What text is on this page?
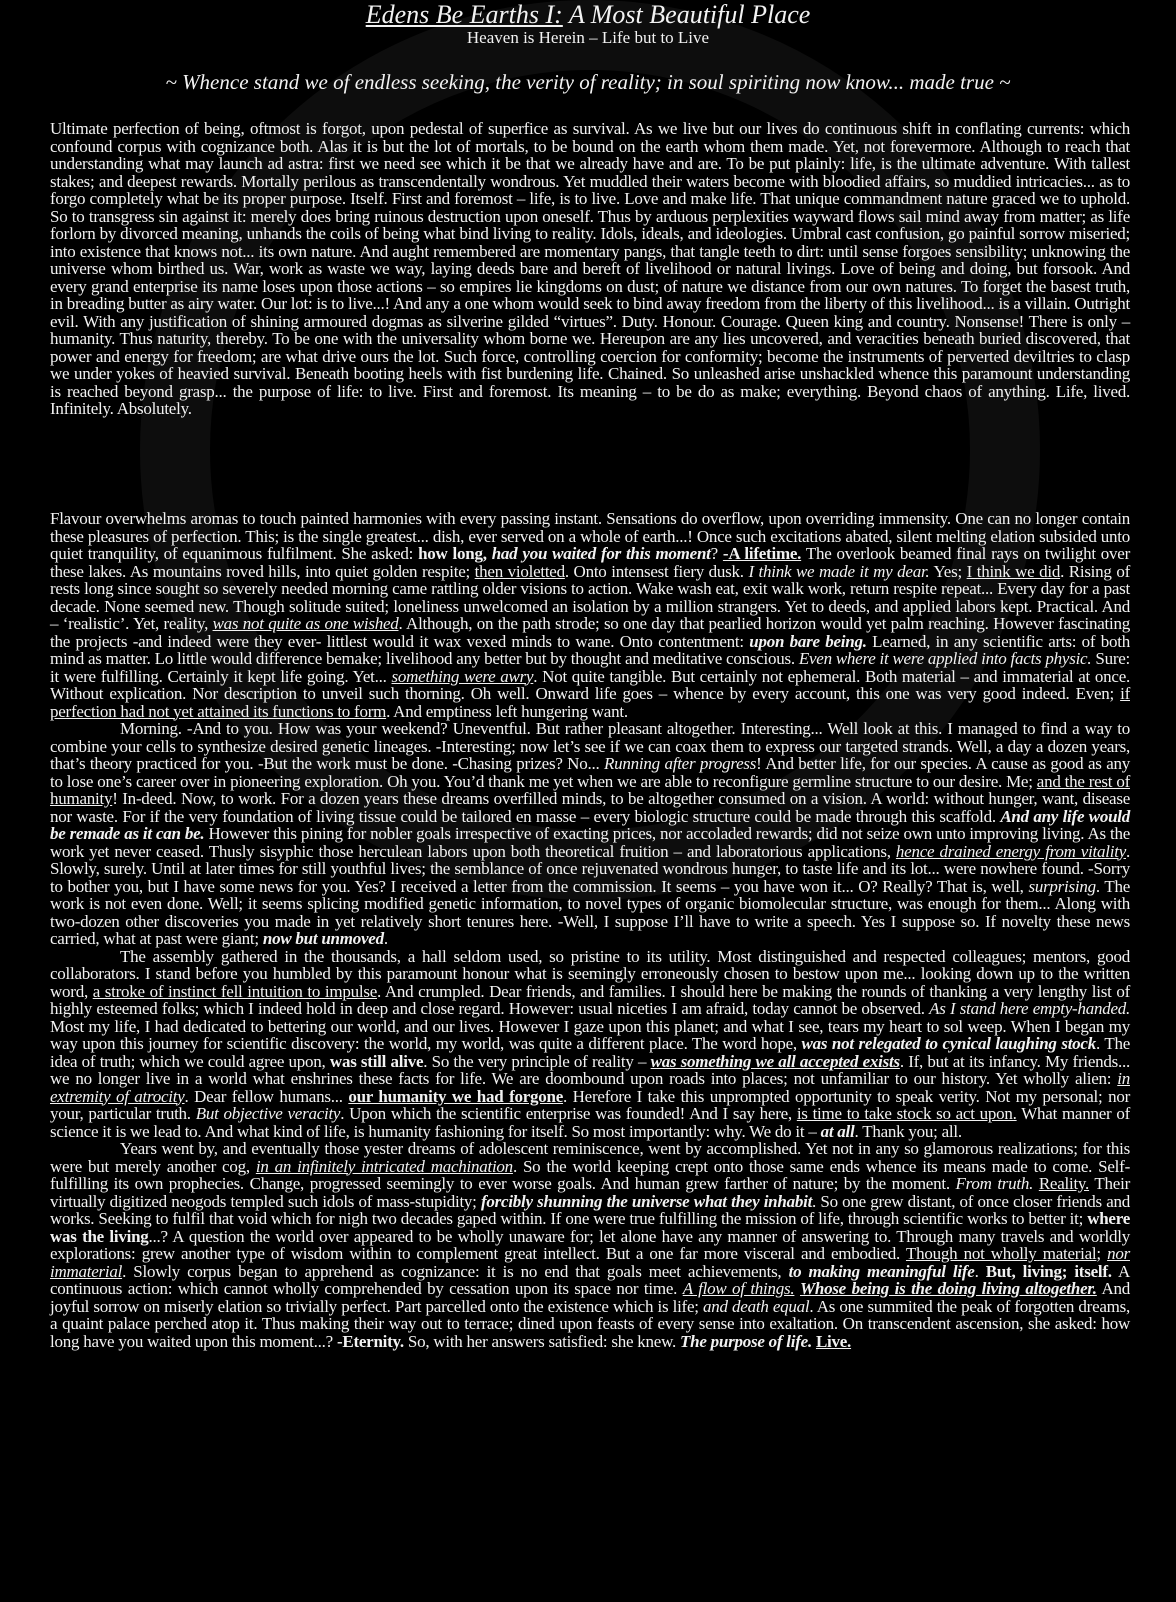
Edens Be Earths I: A Most Beautiful Place
Heaven is Herein – Life but to Live
~ Whence stand we of endless seeking, the verity of reality; in soul spiriting now know... made true ~
Ultimate perfection of being, oftmost is forgot, upon pedestal of superfice as survival. As we live but our lives do continuous shift in conflating currents: which confound corpus with cognizance both. Alas it is but the lot of mortals, to be bound on the earth whom them made. Yet, not forevermore. Although to reach that understanding what may launch ad astra: first we need see which it be that we already have and are. To be put plainly: life, is the ultimate adventure. With tallest stakes; and deepest rewards. Mortally perilous as transcendentally wondrous. Yet muddled their waters become with bloodied affairs, so muddied intricacies... as to forgo completely what be its proper purpose. Itself. First and foremost – life, is to live. Love and make life. That unique commandment nature graced we to uphold. So to transgress sin against it: merely does bring ruinous destruction upon oneself. Thus by arduous perplexities wayward flows sail mind away from matter; as life forlorn by divorced meaning, unhands the coils of being what bind living to reality. Idols, ideals, and ideologies. Umbral cast confusion, go painful sorrow miseried; into existence that knows not... its own nature. And aught remembered are momentary pangs, that tangle teeth to dirt: until sense forgoes sensibility; unknowing the universe whom birthed us. War, work as waste we way, laying deeds bare and bereft of livelihood or natural livings. Love of being and doing, but forsook. And every grand enterprise its name loses upon those actions – so empires lie kingdoms on dust; of nature we distance from our own natures. To forget the basest truth, in breading butter as airy water. Our lot: is to live...! And any a one whom would seek to bind away freedom from the liberty of this livelihood... is a villain. Outright evil. With any justification of shining armoured dogmas as silverine gilded “virtues”. Duty. Honour. Courage. Queen king and country. Nonsense! There is only – humanity. Thus naturity, thereby. To be one with the universality whom borne we. Hereupon are any lies uncovered, and veracities beneath buried discovered, that power and energy for freedom; are what drive ours the lot. Such force, controlling coercion for conformity; become the instruments of perverted deviltries to clasp we under yokes of heavied survival. Beneath booting heels with fist burdening life. Chained. So unleashed arise unshackled whence this paramount understanding is reached beyond grasp... the purpose of life: to live. First and foremost. Its meaning – to be do as make; everything. Beyond chaos of anything. Life, lived. Infinitely. Absolutely.
Flavour overwhelms aromas to touch painted harmonies with every passing instant. Sensations do overflow, upon overriding immensity. One can no longer contain these pleasures of perfection. This; is the single greatest... dish, ever served on a whole of earth...! Once such excitations abated, silent melting elation subsided unto quiet tranquility, of equanimous fulfilment. She asked: how long, had you waited for this moment? -A lifetime. The overlook beamed final rays on twilight over these lakes. As mountains roved hills, into quiet golden respite; then violetted. Onto intensest fiery dusk. I think we made it my dear. Yes; I think we did. Rising of rests long since sought so severely needed morning came rattling older visions to action. Wake wash eat, exit walk work, return respite repeat... Every day for a past decade. None seemed new. Though solitude suited; loneliness unwelcomed an isolation by a million strangers. Yet to deeds, and applied labors kept. Practical. And – ‘realistic’. Yet, reality, was not quite as one wished. Although, on the path strode; so one day that pearlied horizon would yet palm reaching. However fascinating the projects -and indeed were they ever- littlest would it wax vexed minds to wane. Onto contentment: upon bare being. Learned, in any scientific arts: of both mind as matter. Lo little would difference bemake; livelihood any better but by thought and meditative conscious. Even where it were applied into facts physic. Sure: it were fulfilling. Certainly it kept life going. Yet... something were awry. Not quite tangible. But certainly not ephemeral. Both material – and immaterial at once. Without explication. Nor description to unveil such thorning. Oh well. Onward life goes – whence by every account, this one was very good indeed. Even; if perfection had not yet attained its functions to form. And emptiness left hungering want.
Morning. -And to you. How was your weekend? Uneventful. But rather pleasant altogether. Interesting... Well look at this. I managed to find a way to combine your cells to synthesize desired genetic lineages. -Interesting; now let’s see if we can coax them to express our targeted strands. Well, a day a dozen years, that’s theory practiced for you. -But the work must be done. -Chasing prizes? No... Running after progress! And better life, for our species. A cause as good as any to lose one’s career over in pioneering exploration. Oh you. You’d thank me yet when we are able to reconfigure germline structure to our desire. Me; and the rest of humanity! In-deed. Now, to work. For a dozen years these dreams overfilled minds, to be altogether consumed on a vision. A world: without hunger, want, disease nor waste. For if the very foundation of living tissue could be tailored en masse – every biologic structure could be made through this scaffold. And any life would be remade as it can be. However this pining for nobler goals irrespective of exacting prices, nor accoladed rewards; did not seize own unto improving living. As the work yet never ceased. Thusly sisyphic those herculean labors upon both theoretical fruition – and laboratorious applications, hence drained energy from vitality. Slowly, surely. Until at later times for still youthful lives; the semblance of once rejuvenated wondrous hunger, to taste life and its lot... were nowhere found. -Sorry to bother you, but I have some news for you. Yes? I received a letter from the commission. It seems – you have won it... O? Really? That is, well, surprising. The work is not even done. Well; it seems splicing modified genetic information, to novel types of organic biomolecular structure, was enough for them... Along with two-dozen other discoveries you made in yet relatively short tenures here. -Well, I suppose I’ll have to write a speech. Yes I suppose so. If novelty these news carried, what at past were giant; now but unmoved.
The assembly gathered in the thousands, a hall seldom used, so pristine to its utility. Most distinguished and respected colleagues; mentors, good collaborators. I stand before you humbled by this paramount honour what is seemingly erroneously chosen to bestow upon me... looking down up to the written word, a stroke of instinct fell intuition to impulse. And crumpled. Dear friends, and families. I should here be making the rounds of thanking a very lengthy list of highly esteemed folks; which I indeed hold in deep and close regard. However: usual niceties I am afraid, today cannot be observed. As I stand here empty-handed. Most my life, I had dedicated to bettering our world, and our lives. However I gaze upon this planet; and what I see, tears my heart to sol weep. When I began my way upon this journey for scientific discovery: the world, my world, was quite a different place. The word hope, was not relegated to cynical laughing stock. The idea of truth; which we could agree upon, was still alive. So the very principle of reality – was something we all accepted exists. If, but at its infancy. My friends... we no longer live in a world what enshrines these facts for life. We are doombound upon roads into places; not unfamiliar to our history. Yet wholly alien: in extremity of atrocity. Dear fellow humans... our humanity we had forgone. Herefore I take this unprompted opportunity to speak verity. Not my personal; nor your, particular truth. But objective veracity. Upon which the scientific enterprise was founded! And I say here, is time to take stock so act upon. What manner of science it is we lead to. And what kind of life, is humanity fashioning for itself. So most importantly: why. We do it – at all. Thank you; all.
Years went by, and eventually those yester dreams of adolescent reminiscence, went by accomplished. Yet not in any so glamorous realizations; for this were but merely another cog, in an infinitely intricated machination. So the world keeping crept onto those same ends whence its means made to come. Self-fulfilling its own prophecies. Change, progressed seemingly to ever worse goals. And human grew farther of nature; by the moment. From truth. Reality. Their virtually digitized neogods templed such idols of mass-stupidity; forcibly shunning the universe what they inhabit. So one grew distant, of once closer friends and works. Seeking to fulfil that void which for nigh two decades gaped within. If one were true fulfilling the mission of life, through scientific works to better it; where was the living...? A question the world over appeared to be wholly unaware for; let alone have any manner of answering to. Through many travels and worldly explorations: grew another type of wisdom within to complement great intellect. But a one far more visceral and embodied. Though not wholly material; nor immaterial. Slowly corpus began to apprehend as cognizance: it is no end that goals meet achievements, to making meaningful life. But, living; itself. A continuous action: which cannot wholly comprehended by cessation upon its space nor time. A flow of things. Whose being is the doing living altogether. And joyful sorrow on miserly elation so trivially perfect. Part parcelled onto the existence which is life; and death equal. As one summited the peak of forgotten dreams, a quaint palace perched atop it. Thus making their way out to terrace; dined upon feasts of every sense into exaltation. On transcendent ascension, she asked: how long have you waited upon this moment...? -Eternity. So, with her answers satisfied: she knew. The purpose of life. Live.
